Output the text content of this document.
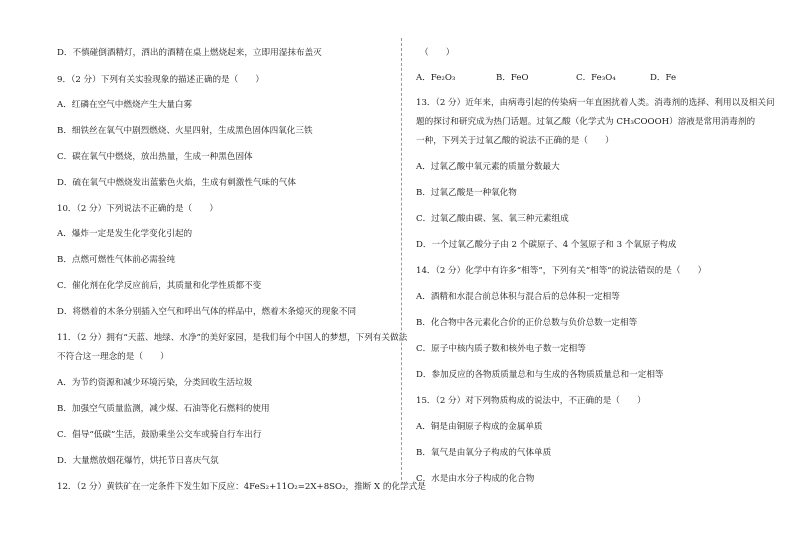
D．不慎碰倒酒精灯，洒出的酒精在桌上燃烧起来，立即用湿抹布盖灭
9．（2 分）下列有关实验现象的描述正确的是（　　）
A．红磷在空气中燃烧产生大量白雾
B．细铁丝在氧气中剧烈燃烧、火星四射，生成黑色固体四氧化三铁
C．碳在氧气中燃烧，放出热量，生成一种黑色固体
D．硫在氧气中燃烧发出蓝紫色火焰，生成有刺激性气味的气体
10．（2 分）下列说法不正确的是（　　）
A．爆炸一定是发生化学变化引起的
B．点燃可燃性气体前必需验纯
C．催化剂在化学反应前后，其质量和化学性质都不变
D．将燃着的木条分别插入空气和呼出气体的样品中，燃着木条熄灭的现象不同
11．（2 分）拥有“天蓝、地绿、水净”的美好家园，是我们每个中国人的梦想，下列有关做法
不符合这一理念的是（　　）
A．为节约资源和减少环境污染，分类回收生活垃圾
B．加强空气质量监测，减少煤、石油等化石燃料的使用
C．倡导“低碳”生活，鼓励乘坐公交车或骑自行车出行
D．大量燃放烟花爆竹，烘托节日喜庆气氛
12．（2 分）黄铁矿在一定条件下发生如下反应：4FeS₂+11O₂=2X+8SO₂，推断 X 的化学式是
（　　）
A．Fe₂O₃	B．FeO	C．Fe₃O₄	D．Fe
13．（2 分）近年来，由病毒引起的传染病一年直困扰着人类。消毒剂的选择、利用以及相关问
题的探讨和研究成为热门话题。过氧乙酸（化学式为 CH₃COOOH）溶液是常用消毒剂的
一种，下列关于过氧乙酸的说法不正确的是（　　）
A．过氧乙酸中氧元素的质量分数最大
B．过氧乙酸是一种氧化物
C．过氧乙酸由碳、氢、氧三种元素组成
D．一个过氧乙酸分子由 2 个碳原子、4 个氢原子和 3 个氧原子构成
14．（2 分）化学中有许多“相等”，下列有关“相等”的说法错误的是（　　）
A．酒精和水混合前总体积与混合后的总体积一定相等
B．化合物中各元素化合价的正价总数与负价总数一定相等
C．原子中核内质子数和核外电子数一定相等
D．参加反应的各物质质量总和与生成的各物质质量总和一定相等
15．（2 分）对下列物质构成的说法中，不正确的是（　　）
A．铜是由铜原子构成的金属单质
B．氧气是由氧分子构成的气体单质
C．水是由水分子构成的化合物
